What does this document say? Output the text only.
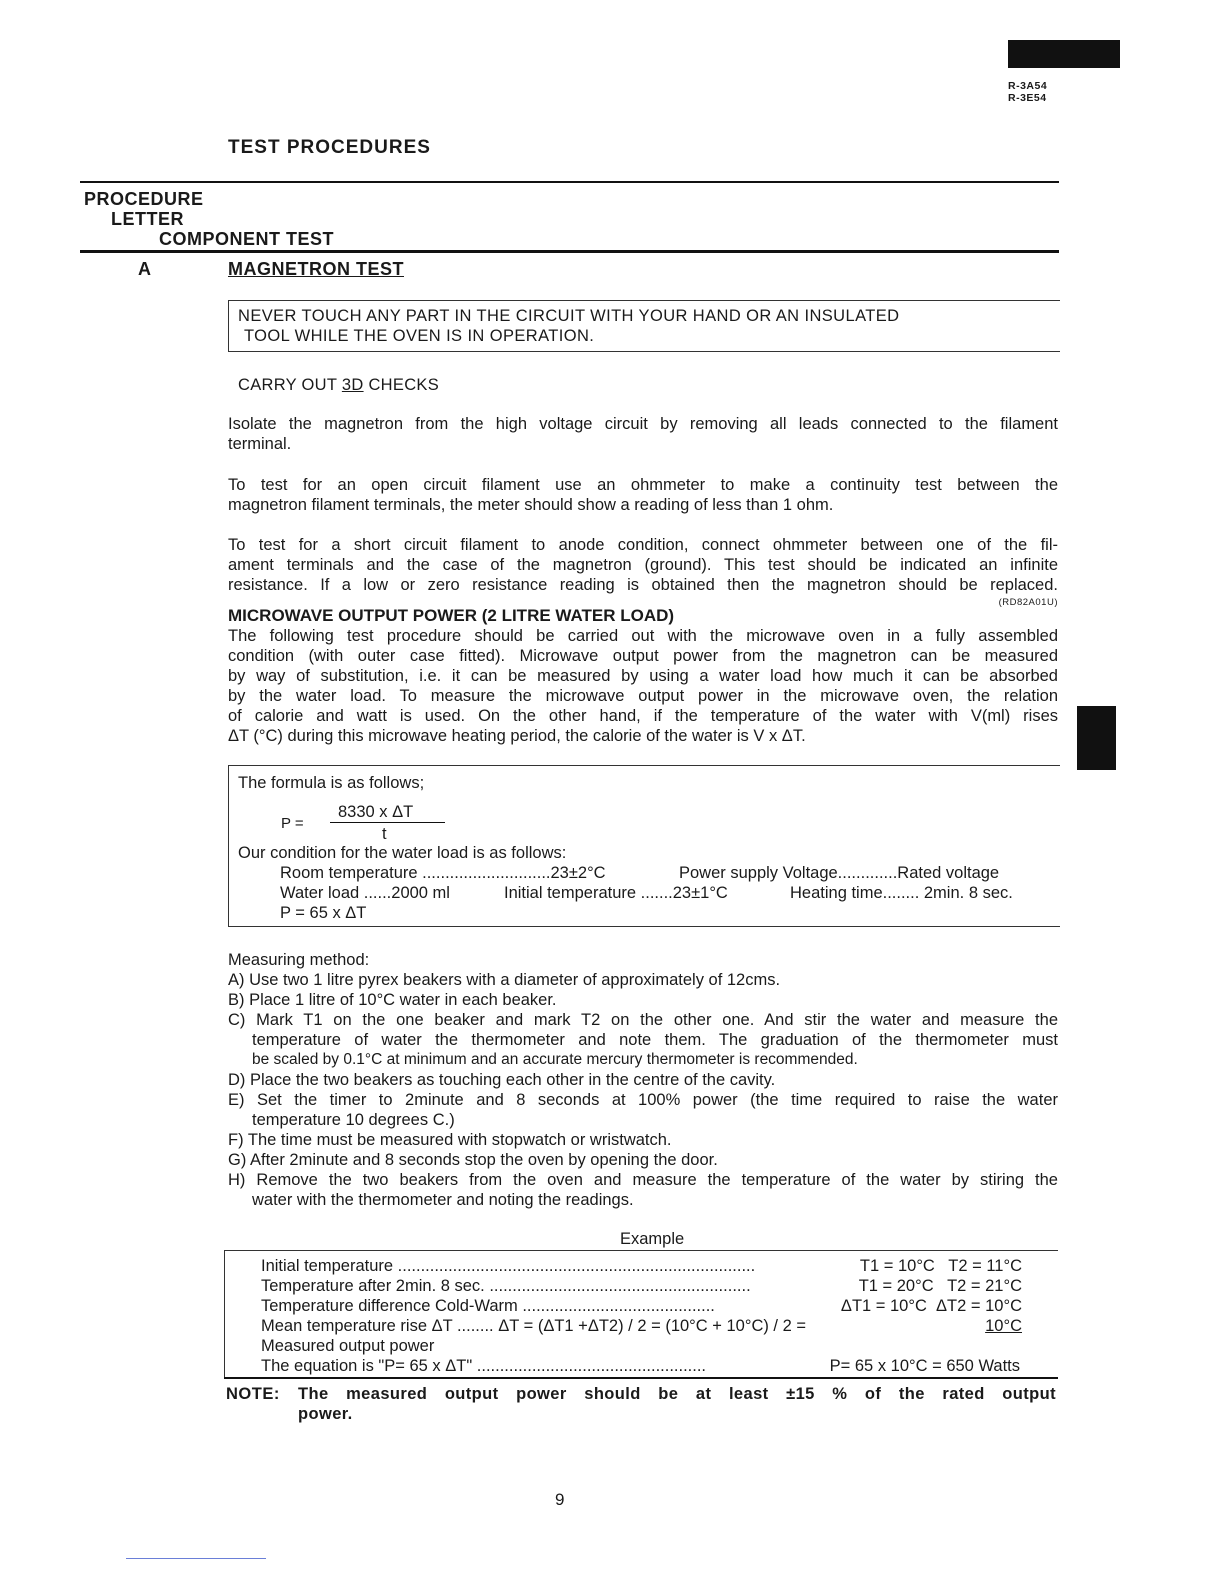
R-3A54
R-3E54
TEST PROCEDURES
PROCEDURE
LETTER
COMPONENT TEST
A	MAGNETRON TEST
NEVER TOUCH ANY PART IN THE CIRCUIT WITH YOUR HAND OR AN INSULATED
TOOL WHILE THE OVEN IS IN OPERATION.
CARRY OUT 3D CHECKS
Isolate the magnetron from the high voltage circuit by removing all leads connected to the filament
terminal.
To test for an open circuit filament use an ohmmeter to make a continuity test between the
magnetron filament terminals, the meter should show a reading of less than 1 ohm.
To test for a short circuit filament to anode condition, connect ohmmeter between one of the fil-
ament terminals and the case of the magnetron (ground). This test should be indicated an infinite
resistance. If a low or zero resistance reading is obtained then the magnetron should be replaced.
(RD82A01U)
MICROWAVE OUTPUT POWER (2 LITRE WATER LOAD)
The following test procedure should be carried out with the microwave oven in a fully assembled
condition (with outer case fitted). Microwave output power from the magnetron can be measured
by way of substitution, i.e. it can be measured by using a water load how much it can be absorbed
by the water load. To measure the microwave output power in the microwave oven, the relation
of calorie and watt is used. On the other hand, if the temperature of the water with V(ml) rises
ΔT (°C) during this microwave heating period, the calorie of the water is V x ΔT.
The formula is as follows;
P =
8330 x ΔT
t
Our condition for the water load is as follows:
Room temperature ............................23±2°C	Power supply Voltage.............Rated voltage
Water load ......2000 ml	Initial temperature .......23±1°C	Heating time........ 2min. 8 sec.
P = 65 x ΔT
Measuring method:
A) Use two 1 litre pyrex beakers with a diameter of approximately of 12cms.
B) Place 1 litre of 10°C water in each beaker.
C) Mark T1 on the one beaker and mark T2 on the other one. And stir the water and measure the
temperature of water the thermometer and note them. The graduation of the thermometer must
be scaled by 0.1°C at minimum and an accurate mercury thermometer is recommended.
D) Place the two beakers as touching each other in the centre of the cavity.
E) Set the timer to 2minute and 8 seconds at 100% power (the time required to raise the water
temperature 10 degrees C.)
F) The time must be measured with stopwatch or wristwatch.
G) After 2minute and 8 seconds stop the oven by opening the door.
H) Remove the two beakers from the oven and measure the temperature of the water by stiring the
water with the thermometer and noting the readings.
Example
Initial temperature ..............................................................................	T1 = 10°C   T2 = 11°C
Temperature after 2min. 8 sec. .........................................................	T1 = 20°C   T2 = 21°C
Temperature difference Cold-Warm ..........................................	ΔT1 = 10°C  ΔT2 = 10°C
Mean temperature rise ΔT ........ ΔT = (ΔT1 +ΔT2) / 2 = (10°C + 10°C) / 2 =	10°C
Measured output power
The equation is "P= 65 x ΔT" ..................................................	P= 65 x 10°C = 650 Watts
NOTE: The measured output power should be at least ±15 % of the rated output
power.
9
